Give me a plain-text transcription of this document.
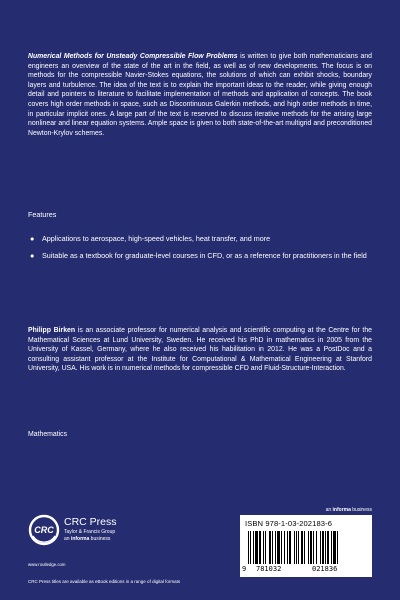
Numerical Methods for Unsteady Compressible Flow Problems is written to give both mathematicians and engineers an overview of the state of the art in the field, as well as of new developments. The focus is on methods for the compressible Navier-Stokes equations, the solutions of which can exhibit shocks, boundary layers and turbulence. The idea of the text is to explain the important ideas to the reader, while giving enough detail and pointers to literature to facilitate implementation of methods and application of concepts. The book covers high order methods in space, such as Discontinuous Galerkin methods, and high order methods in time, in particular implicit ones. A large part of the text is reserved to discuss iterative methods for the arising large nonlinear and linear equation systems. Ample space is given to both state-of-the-art multigrid and preconditioned Newton-Krylov schemes.

Features

● Applications to aerospace, high-speed vehicles, heat transfer, and more
● Suitable as a textbook for graduate-level courses in CFD, or as a reference for practitioners in the field

Philipp Birken is an associate professor for numerical analysis and scientific computing at the Centre for the Mathematical Sciences at Lund University, Sweden. He received his PhD in mathematics in 2005 from the University of Kassel, Germany, where he also received his habilitation in 2012. He was a PostDoc and a consulting assistant professor at the Institute for Computational & Mathematical Engineering at Stanford University, USA. His work is in numerical methods for compressible CFD and Fluid-Structure-Interaction.

Mathematics

an informa business
CRC
CRC Press
Taylor & Francis Group
an informa business
www.routledge.com
ISBN 978-1-03-202183-6
9 781032	021836
CRC Press titles are available as eBook editions in a range of digital formats
